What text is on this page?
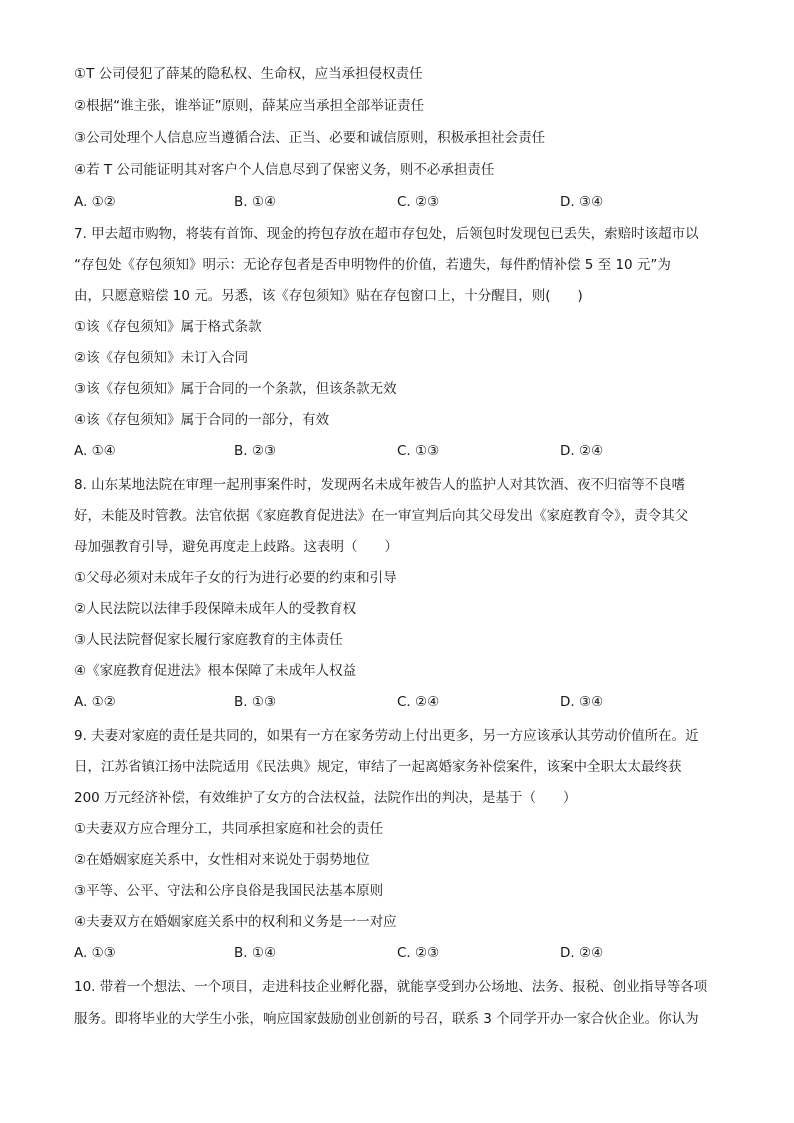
①T 公司侵犯了薛某的隐私权、生命权，应当承担侵权责任
②根据“谁主张，谁举证”原则，薛某应当承担全部举证责任
③公司处理个人信息应当遵循合法、正当、必要和诚信原则，积极承担社会责任
④若 T 公司能证明其对客户个人信息尽到了保密义务，则不必承担责任
A. ①②	B. ①④	C. ②③	D. ③④
7. 甲去超市购物，将装有首饰、现金的挎包存放在超市存包处，后领包时发现包已丢失，索赔时该超市以
“存包处《存包须知》明示：无论存包者是否申明物件的价值，若遗失，每件酌情补偿 5 至 10 元”为
由，只愿意赔偿 10 元。另悉，该《存包须知》贴在存包窗口上，十分醒目，则(　　)
①该《存包须知》属于格式条款
②该《存包须知》未订入合同
③该《存包须知》属于合同的一个条款，但该条款无效
④该《存包须知》属于合同的一部分，有效
A. ①④	B. ②③	C. ①③	D. ②④
8. 山东某地法院在审理一起刑事案件时，发现两名未成年被告人的监护人对其饮酒、夜不归宿等不良嗜
好，未能及时管教。法官依据《家庭教育促进法》在一审宣判后向其父母发出《家庭教育令》，责令其父
母加强教育引导，避免再度走上歧路。这表明（　　）
①父母必须对未成年子女的行为进行必要的约束和引导
②人民法院以法律手段保障未成年人的受教育权
③人民法院督促家长履行家庭教育的主体责任
④《家庭教育促进法》根本保障了未成年人权益
A. ①②	B. ①③	C. ②④	D. ③④
9. 夫妻对家庭的责任是共同的，如果有一方在家务劳动上付出更多，另一方应该承认其劳动价值所在。近
日，江苏省镇江扬中法院适用《民法典》规定，审结了一起离婚家务补偿案件，该案中全职太太最终获
200 万元经济补偿，有效维护了女方的合法权益，法院作出的判决，是基于（　　）
①夫妻双方应合理分工，共同承担家庭和社会的责任
②在婚姻家庭关系中，女性相对来说处于弱势地位
③平等、公平、守法和公序良俗是我国民法基本原则
④夫妻双方在婚姻家庭关系中的权利和义务是一一对应
A. ①③	B. ①④	C. ②③	D. ②④
10. 带着一个想法、一个项目，走进科技企业孵化器，就能享受到办公场地、法务、报税、创业指导等各项
服务。即将毕业的大学生小张，响应国家鼓励创业创新的号召，联系 3 个同学开办一家合伙企业。你认为
